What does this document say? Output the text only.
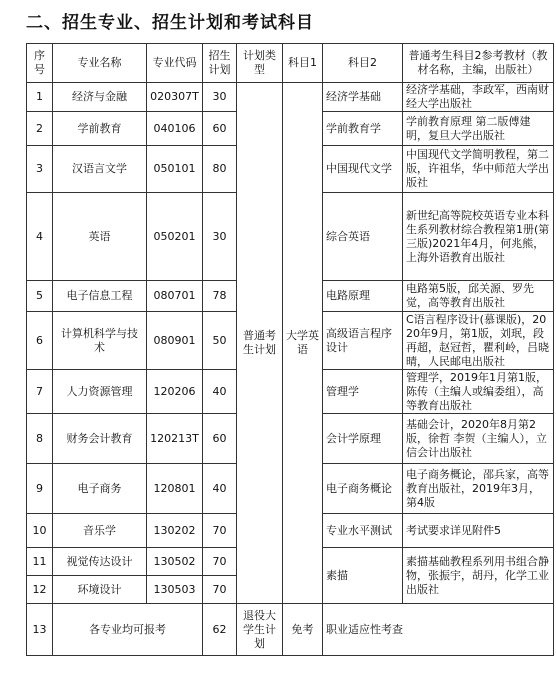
二、招生专业、招生计划和考试科目
序号	专业名称	专业代码	招生计划	计划类型	科目1	科目2	普通考生科目2参考教材（教材名称，主编，出版社）
1	经济与金融	020307T	30	普通考生计划	大学英语	经济学基础	经济学基础，李政军，西南财经大学出版社
2	学前教育	040106	60			学前教育学	学前教育原理 第二版傅建明，复旦大学出版社
3	汉语言文学	050101	80			中国现代文学	中国现代文学简明教程，第二版，许祖华，华中师范大学出版社
4	英语	050201	30			综合英语	新世纪高等院校英语专业本科生系列教材综合教程第1册(第三版)2021年4月，何兆熊，上海外语教育出版社
5	电子信息工程	080701	78			电路原理	电路第5版，邱关源、罗先觉，高等教育出版社
6	计算机科学与技术	080901	50			高级语言程序设计	C语言程序设计(慕课版)，2020年9月，第1版，刘珉，段再超，赵冠哲，瞿利岭，吕晓晴，人民邮电出版社
7	人力资源管理	120206	40			管理学	管理学，2019年1月第1版，陈传（主编人或编委组），高等教育出版社
8	财务会计教育	120213T	60			会计学原理	基础会计，2020年8月第2版，徐哲 李贺（主编人），立信会计出版社
9	电子商务	120801	40			电子商务概论	电子商务概论，邵兵家，高等教育出版社，2019年3月，第4版
10	音乐学	130202	70			专业水平测试	考试要求详见附件5
11	视觉传达设计	130502	70			素描	素描基础教程系列用书组合静物，张振宇，胡丹，化学工业出版社
12	环境设计	130503	70				
13	各专业均可报考		62	退役大学生计划	免考	职业适应性考查	
